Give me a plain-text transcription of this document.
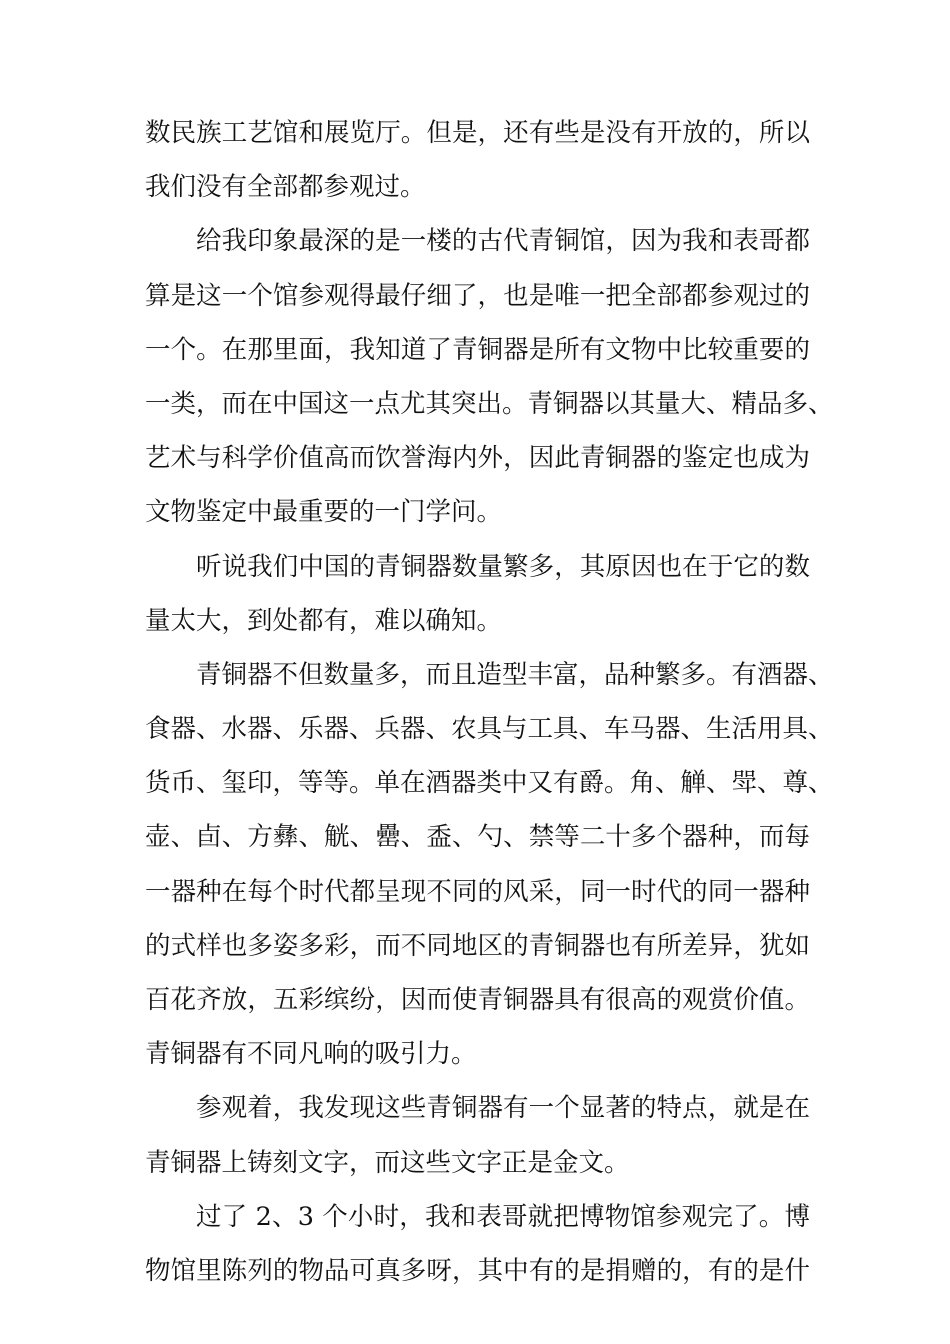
数民族工艺馆和展览厅。但是，还有些是没有开放的，所以
我们没有全部都参观过。
给我印象最深的是一楼的古代青铜馆，因为我和表哥都
算是这一个馆参观得最仔细了，也是唯一把全部都参观过的
一个。在那里面，我知道了青铜器是所有文物中比较重要的
一类，而在中国这一点尤其突出。青铜器以其量大、精品多、
艺术与科学价值高而饮誉海内外，因此青铜器的鉴定也成为
文物鉴定中最重要的一门学问。
听说我们中国的青铜器数量繁多，其原因也在于它的数
量太大，到处都有，难以确知。
青铜器不但数量多，而且造型丰富，品种繁多。有酒器、
食器、水器、乐器、兵器、农具与工具、车马器、生活用具、
货币、玺印，等等。单在酒器类中又有爵。角、觯、斝、尊、
壶、卣、方彝、觥、罍、盉、勺、禁等二十多个器种，而每
一器种在每个时代都呈现不同的风采，同一时代的同一器种
的式样也多姿多彩，而不同地区的青铜器也有所差异，犹如
百花齐放，五彩缤纷，因而使青铜器具有很高的观赏价值。
青铜器有不同凡响的吸引力。
参观着，我发现这些青铜器有一个显著的特点，就是在
青铜器上铸刻文字，而这些文字正是金文。
过了 2、3 个小时，我和表哥就把博物馆参观完了。博
物馆里陈列的物品可真多呀，其中有的是捐赠的，有的是什
